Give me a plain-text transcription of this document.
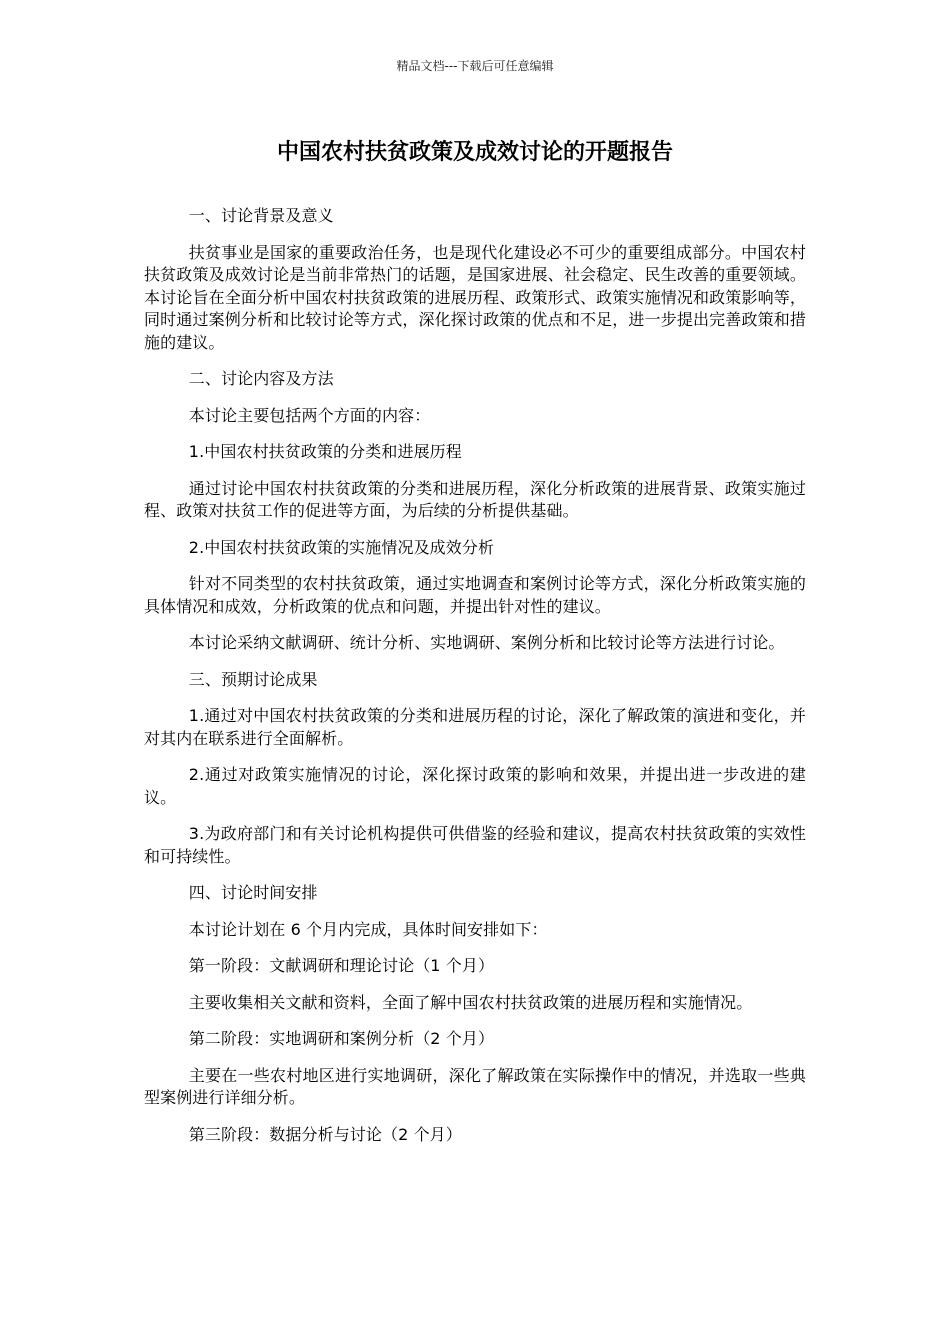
精品文档---下载后可任意编辑
中国农村扶贫政策及成效讨论的开题报告

一、讨论背景及意义

扶贫事业是国家的重要政治任务，也是现代化建设必不可少的重要组成部分。中国农村扶贫政策及成效讨论是当前非常热门的话题，是国家进展、社会稳定、民生改善的重要领域。本讨论旨在全面分析中国农村扶贫政策的进展历程、政策形式、政策实施情况和政策影响等，同时通过案例分析和比较讨论等方式，深化探讨政策的优点和不足，进一步提出完善政策和措施的建议。

二、讨论内容及方法

本讨论主要包括两个方面的内容：

1.中国农村扶贫政策的分类和进展历程

通过讨论中国农村扶贫政策的分类和进展历程，深化分析政策的进展背景、政策实施过程、政策对扶贫工作的促进等方面，为后续的分析提供基础。

2.中国农村扶贫政策的实施情况及成效分析

针对不同类型的农村扶贫政策，通过实地调查和案例讨论等方式，深化分析政策实施的具体情况和成效，分析政策的优点和问题，并提出针对性的建议。

本讨论采纳文献调研、统计分析、实地调研、案例分析和比较讨论等方法进行讨论。

三、预期讨论成果

1.通过对中国农村扶贫政策的分类和进展历程的讨论，深化了解政策的演进和变化，并对其内在联系进行全面解析。

2.通过对政策实施情况的讨论，深化探讨政策的影响和效果，并提出进一步改进的建议。

3.为政府部门和有关讨论机构提供可供借鉴的经验和建议，提高农村扶贫政策的实效性和可持续性。

四、讨论时间安排

本讨论计划在 6 个月内完成，具体时间安排如下：

第一阶段：文献调研和理论讨论（1 个月）

主要收集相关文献和资料，全面了解中国农村扶贫政策的进展历程和实施情况。

第二阶段：实地调研和案例分析（2 个月）

主要在一些农村地区进行实地调研，深化了解政策在实际操作中的情况，并选取一些典型案例进行详细分析。

第三阶段：数据分析与讨论（2 个月）
